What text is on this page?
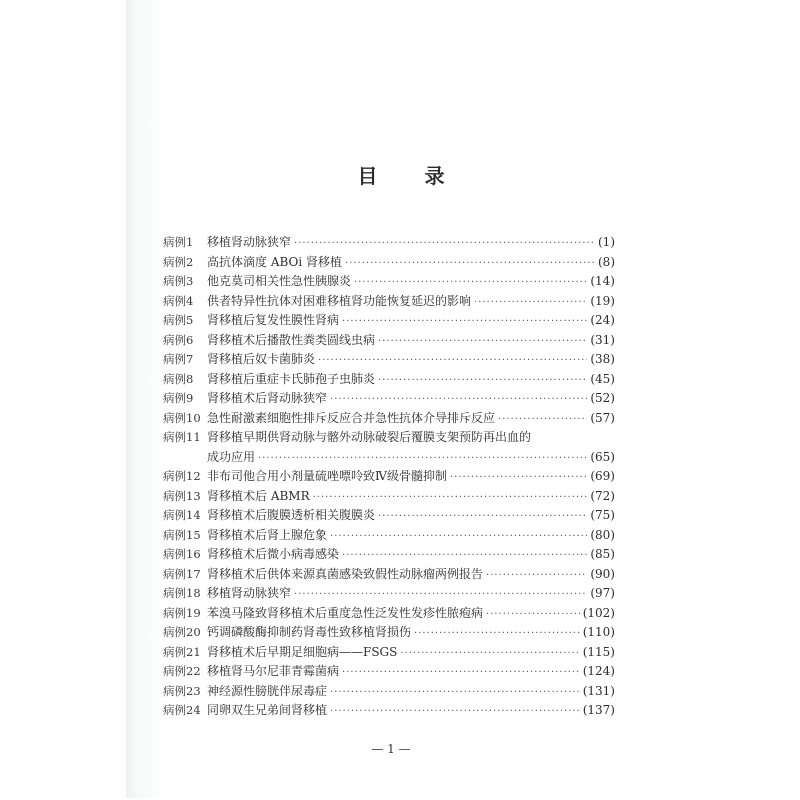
目 录
病例1	移植肾动脉狭窄 ·····	(1)
病例2	高抗体滴度 ABOi 肾移植 ·····	(8)
病例3	他克莫司相关性急性胰腺炎 ·····	(14)
病例4	供者特异性抗体对困难移植肾功能恢复延迟的影响 ·····	(19)
病例5	肾移植后复发性膜性肾病 ·····	(24)
病例6	肾移植术后播散性粪类圆线虫病 ·····	(31)
病例7	肾移植后奴卡菌肺炎 ·····	(38)
病例8	肾移植后重症卡氏肺孢子虫肺炎 ·····	(45)
病例9	肾移植术后肾动脉狭窄 ·····	(52)
病例10 急性耐激素细胞性排斥反应合并急性抗体介导排斥反应 ·····	(57)
病例11 肾移植早期供肾动脉与髂外动脉破裂后覆膜支架预防再出血的
成功应用 ·····	(65)
病例12 非布司他合用小剂量硫唑嘌呤致Ⅳ级骨髓抑制 ·····	(69)
病例13 肾移植术后 ABMR ·····	(72)
病例14 肾移植术后腹膜透析相关腹膜炎 ·····	(75)
病例15 肾移植术后肾上腺危象 ·····	(80)
病例16 肾移植术后微小病毒感染 ·····	(85)
病例17 肾移植术后供体来源真菌感染致假性动脉瘤两例报告 ·····	(90)
病例18 移植肾动脉狭窄 ·····	(97)
病例19 苯溴马隆致肾移植术后重度急性泛发性发疹性脓疱病 ·····	(102)
病例20 钙调磷酸酶抑制药肾毒性致移植肾损伤 ·····	(110)
病例21 肾移植术后早期足细胞病——FSGS ·····	(115)
病例22 移植肾马尔尼菲青霉菌病 ·····	(124)
病例23 神经源性膀胱伴尿毒症 ·····	(131)
病例24 同卵双生兄弟间肾移植 ·····	(137)
— 1 —
